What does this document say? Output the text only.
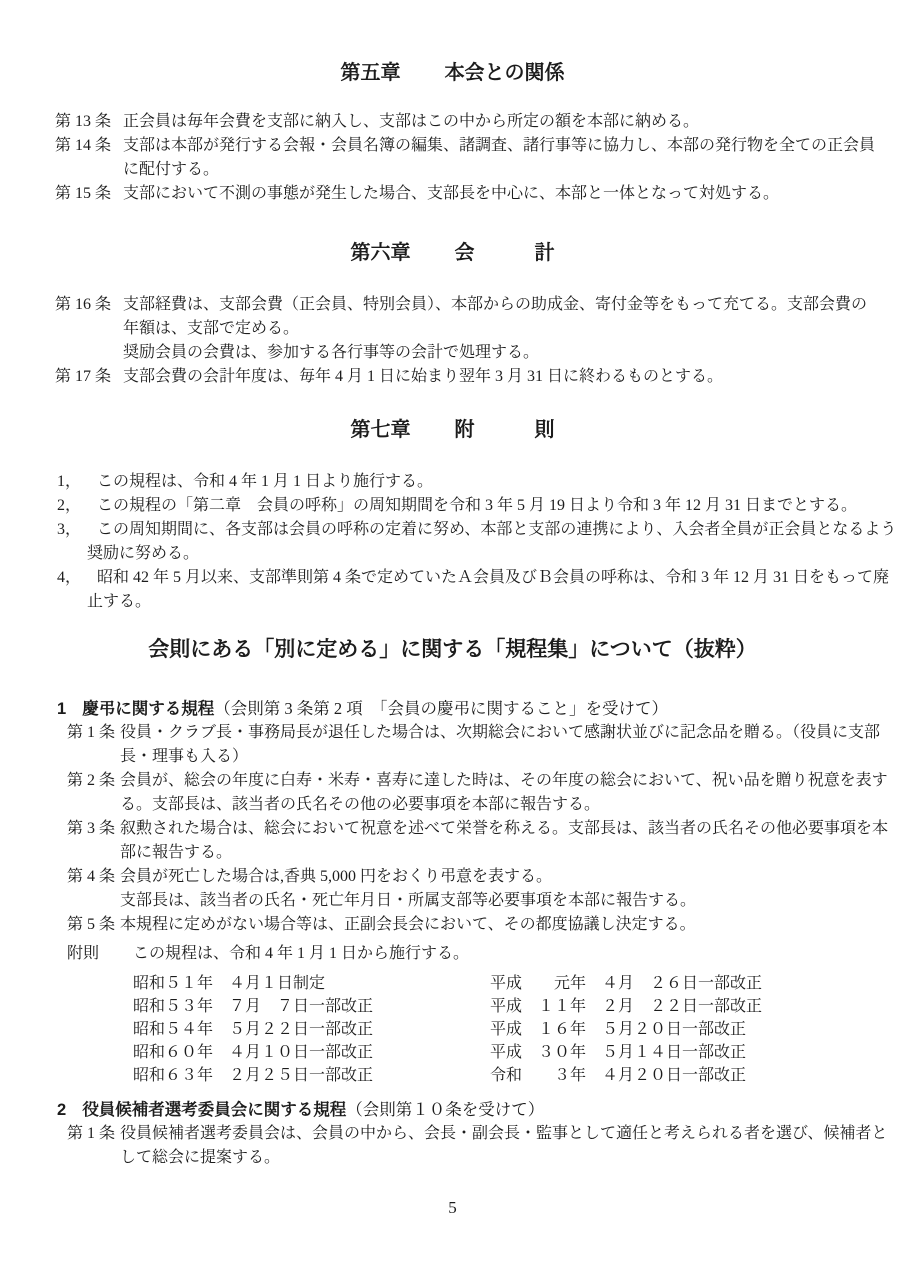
第五章 本会との関係
第 13 条 正会員は毎年会費を支部に納入し、支部はこの中から所定の額を本部に納める。
第 14 条 支部は本部が発行する会報・会員名簿の編集、諸調査、諸行事等に協力し、本部の発行物を全ての正会員に配付する。
第 15 条 支部において不測の事態が発生した場合、支部長を中心に、本部と一体となって対処する。
第六章 会　　　計
第 16 条 支部経費は、支部会費（正会員、特別会員）、本部からの助成金、寄付金等をもって充てる。支部会費の年額は、支部で定める。
奨励会員の会費は、参加する各行事等の会計で処理する。
第 17 条 支部会費の会計年度は、毎年 4 月 1 日に始まり翌年 3 月 31 日に終わるものとする。
第七章 附　　　則
1， この規程は、令和 4 年 1 月 1 日より施行する。
2， この規程の「第二章　会員の呼称」の周知期間を令和 3 年 5 月 19 日より令和 3 年 12 月 31 日までとする。
3， この周知期間に、各支部は会員の呼称の定着に努め、本部と支部の連携により、入会者全員が正会員となるよう奨励に努める。
4， 昭和 42 年 5 月以来、支部準則第 4 条で定めていたＡ会員及びＢ会員の呼称は、令和 3 年 12 月 31 日をもって廃止する。
会則にある「別に定める」に関する「規程集」について（抜粋）
1 慶弔に関する規程（会則第 3 条第 2 項　「会員の慶弔に関すること」を受けて）
第 1 条 役員・クラブ長・事務局長が退任した場合は、次期総会において感謝状並びに記念品を贈る。（役員に支部長・理事も入る）
第 2 条 会員が、総会の年度に白寿・米寿・喜寿に達した時は、その年度の総会において、祝い品を贈り祝意を表する。支部長は、該当者の氏名その他の必要事項を本部に報告する。
第 3 条 叙勲された場合は、総会において祝意を述べて栄誉を称える。支部長は、該当者の氏名その他必要事項を本部に報告する。
第 4 条 会員が死亡した場合は,香典 5,000 円をおくり弔意を表する。
支部長は、該当者の氏名・死亡年月日・所属支部等必要事項を本部に報告する。
第 5 条 本規程に定めがない場合等は、正副会長会において、その都度協議し決定する。
附則 この規程は、令和 4 年 1 月 1 日から施行する。
昭和５１年　４月１日制定	平成　　元年　４月　２６日一部改正
昭和５３年　７月　７日一部改正	平成　１１年　２月　２２日一部改正
昭和５４年　５月２２日一部改正	平成　１６年　５月２０日一部改正
昭和６０年　４月１０日一部改正	平成　３０年　５月１４日一部改正
昭和６３年　２月２５日一部改正	令和　　３年　４月２０日一部改正
2 役員候補者選考委員会に関する規程（会則第１０条を受けて）
第 1 条 役員候補者選考委員会は、会員の中から、会長・副会長・監事として適任と考えられる者を選び、候補者として総会に提案する。
5
